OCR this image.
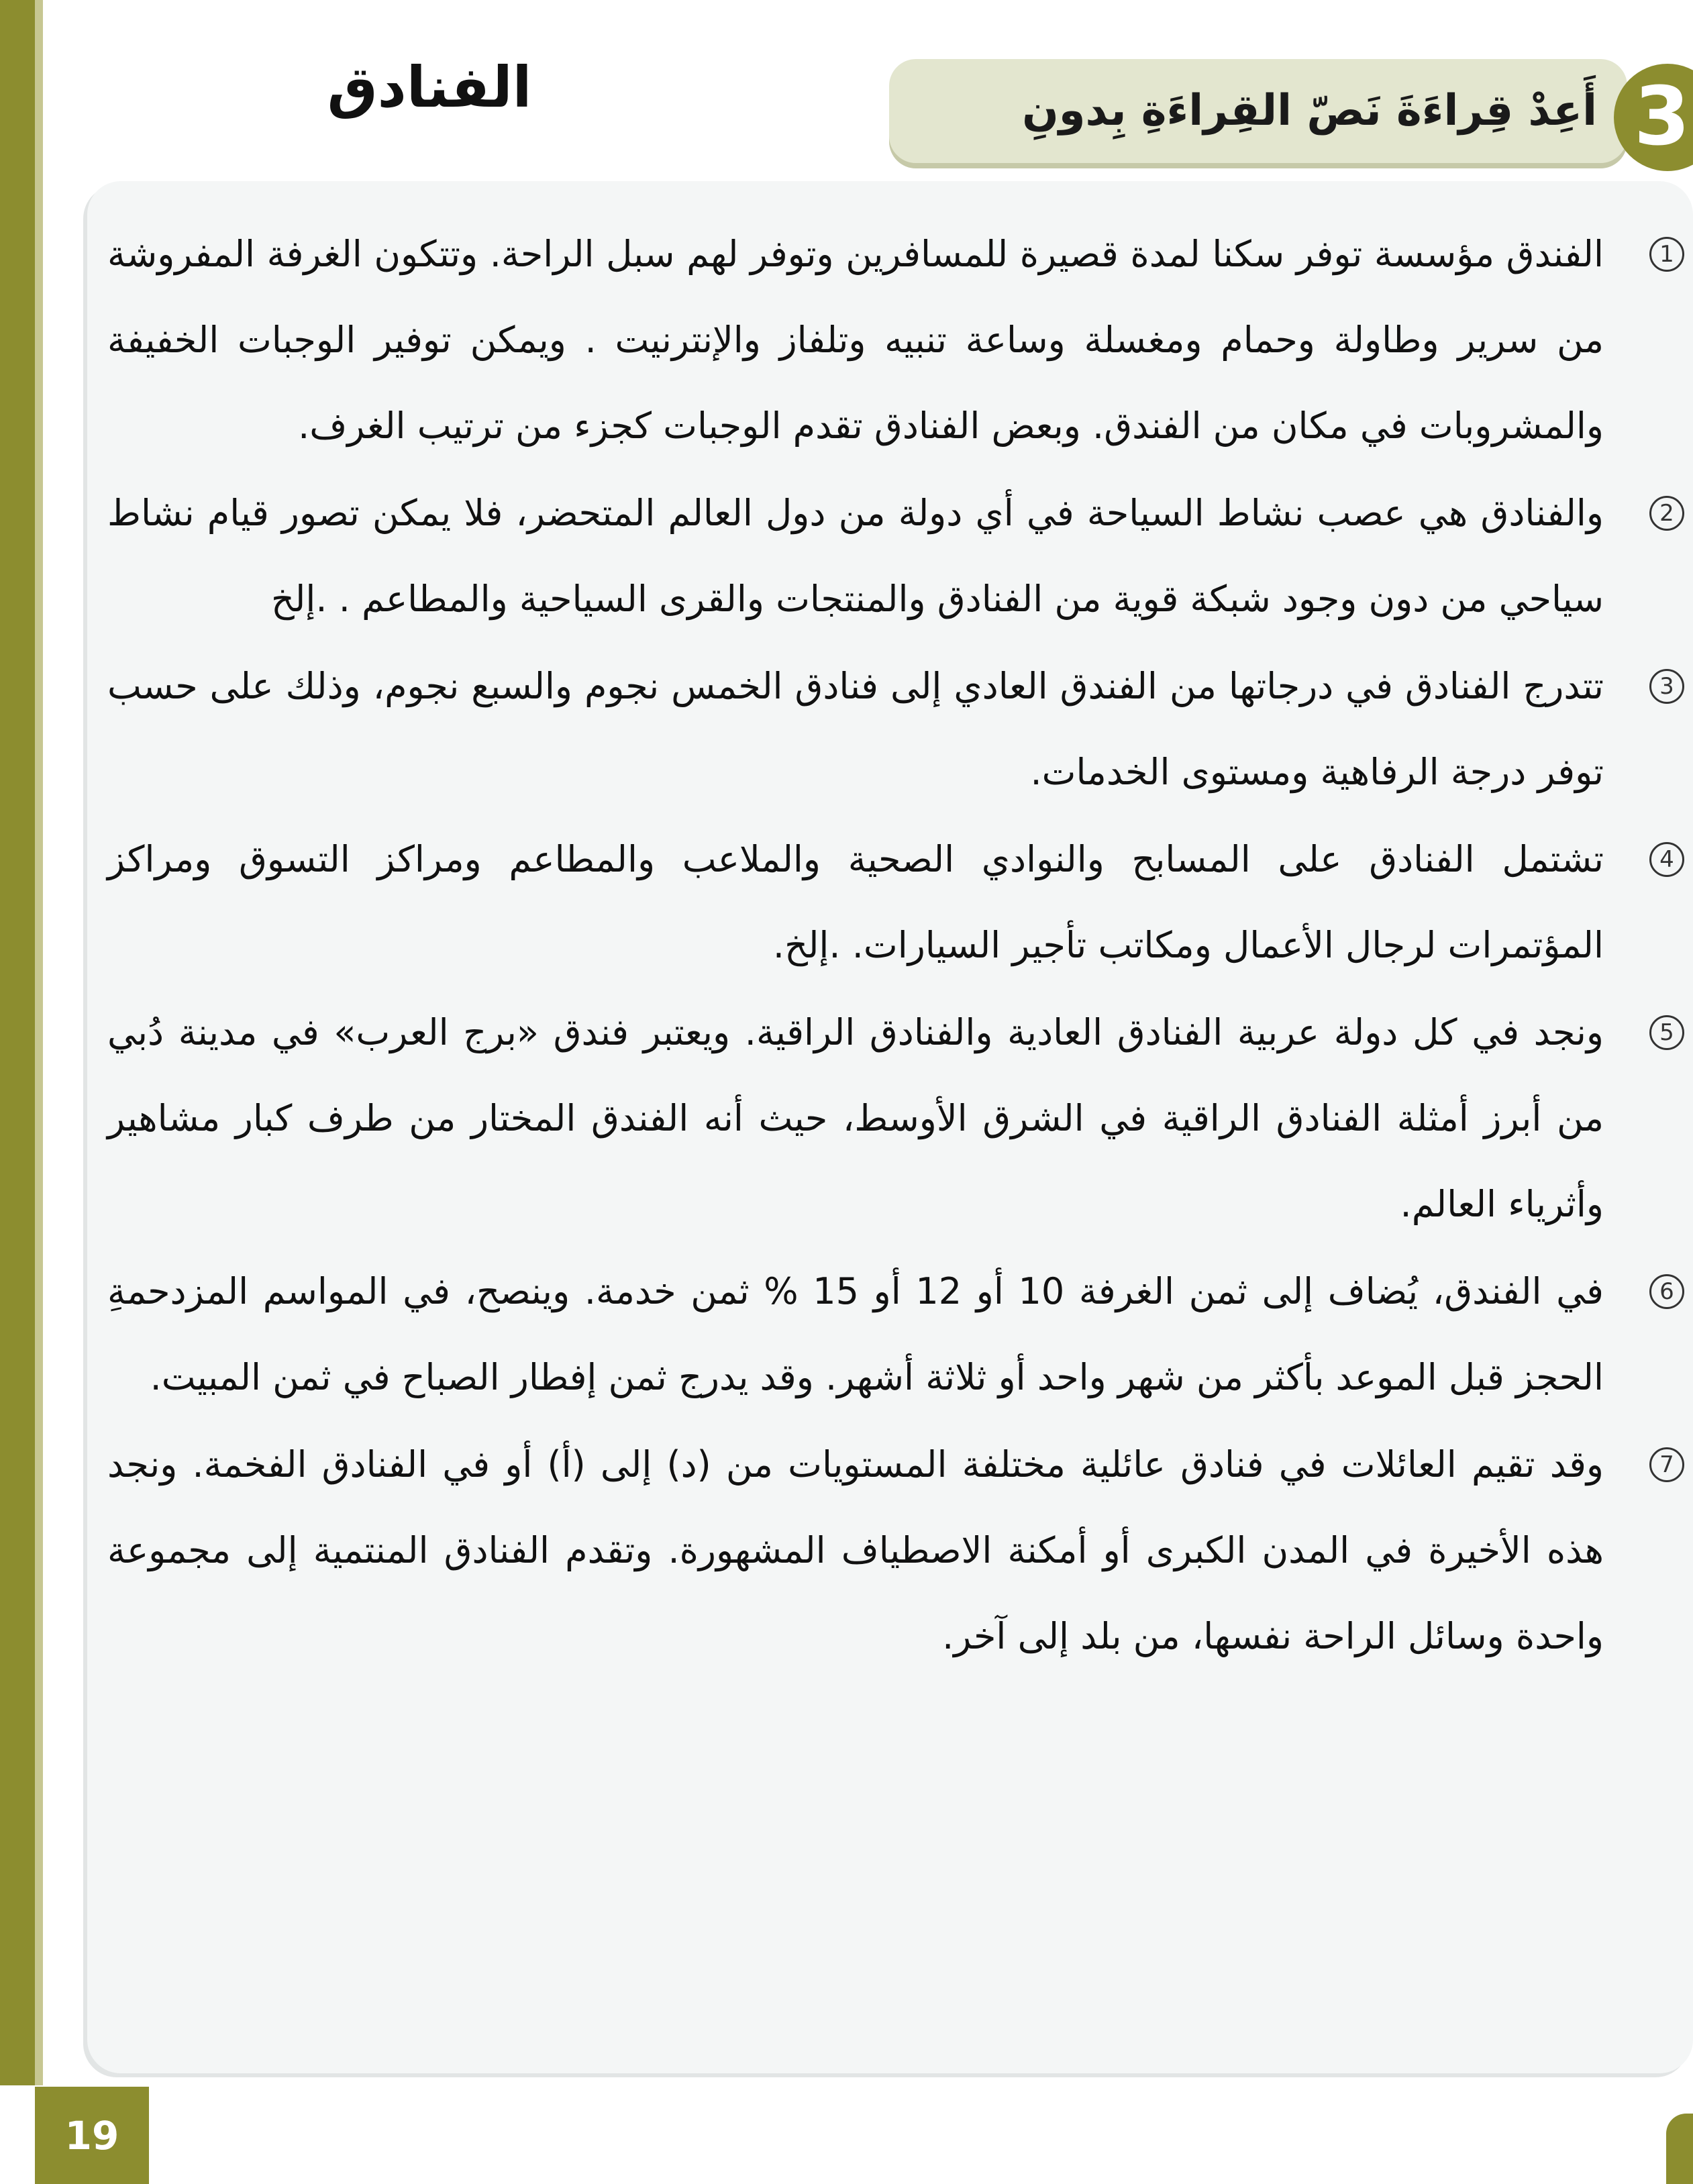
الفنادق	أَعِدْ قِراءَةَ نَصّ القِراءَةِ بِدونِ	3
1
الفندق مؤسسة توفر سكنا لمدة قصيرة للمسافرين وتوفر لهم سبل الراحة. وتتكون الغرفة المفروشة من سرير وطاولة وحمام ومغسلة وساعة تنبيه وتلفاز والإنترنيت . ويمكن توفير الوجبات الخفيفة والمشروبات في مكان من الفندق. وبعض الفنادق تقدم الوجبات كجزء من ترتيب الغرف.
2
والفنادق هي عصب نشاط السياحة في أي دولة من دول العالم المتحضر، فلا يمكن تصور قيام نشاط سياحي من دون وجود شبكة قوية من الفنادق والمنتجات والقرى السياحية والمطاعم . .إلخ
3
تتدرج الفنادق في درجاتها من الفندق العادي إلى فنادق الخمس نجوم والسبع نجوم، وذلك على حسب توفر درجة الرفاهية ومستوى الخدمات.
4
تشتمل الفنادق على المسابح والنوادي الصحية والملاعب والمطاعم ومراكز التسوق ومراكز المؤتمرات لرجال الأعمال ومكاتب تأجير السيارات. .إلخ.
5
ونجد في كل دولة عربية الفنادق العادية والفنادق الراقية. ويعتبر فندق «برج العرب» في مدينة دُبي من أبرز أمثلة الفنادق الراقية في الشرق الأوسط، حيث أنه الفندق المختار من طرف كبار مشاهير وأثرياء العالم.
6
في الفندق، يُضاف إلى ثمن الغرفة 10 أو 12 أو 15 % ثمن خدمة. وينصح، في المواسم المزدحمةِ الحجز قبل الموعد بأكثر من شهر واحد أو ثلاثة أشهر. وقد يدرج ثمن إفطار الصباح في ثمن المبيت.
7
وقد تقيم العائلات في فنادق عائلية مختلفة المستويات من (د) إلى (أ) أو في الفنادق الفخمة. ونجد هذه الأخيرة في المدن الكبرى أو أمكنة الاصطياف المشهورة. وتقدم الفنادق المنتمية إلى مجموعة واحدة وسائل الراحة نفسها، من بلد إلى آخر.
19
